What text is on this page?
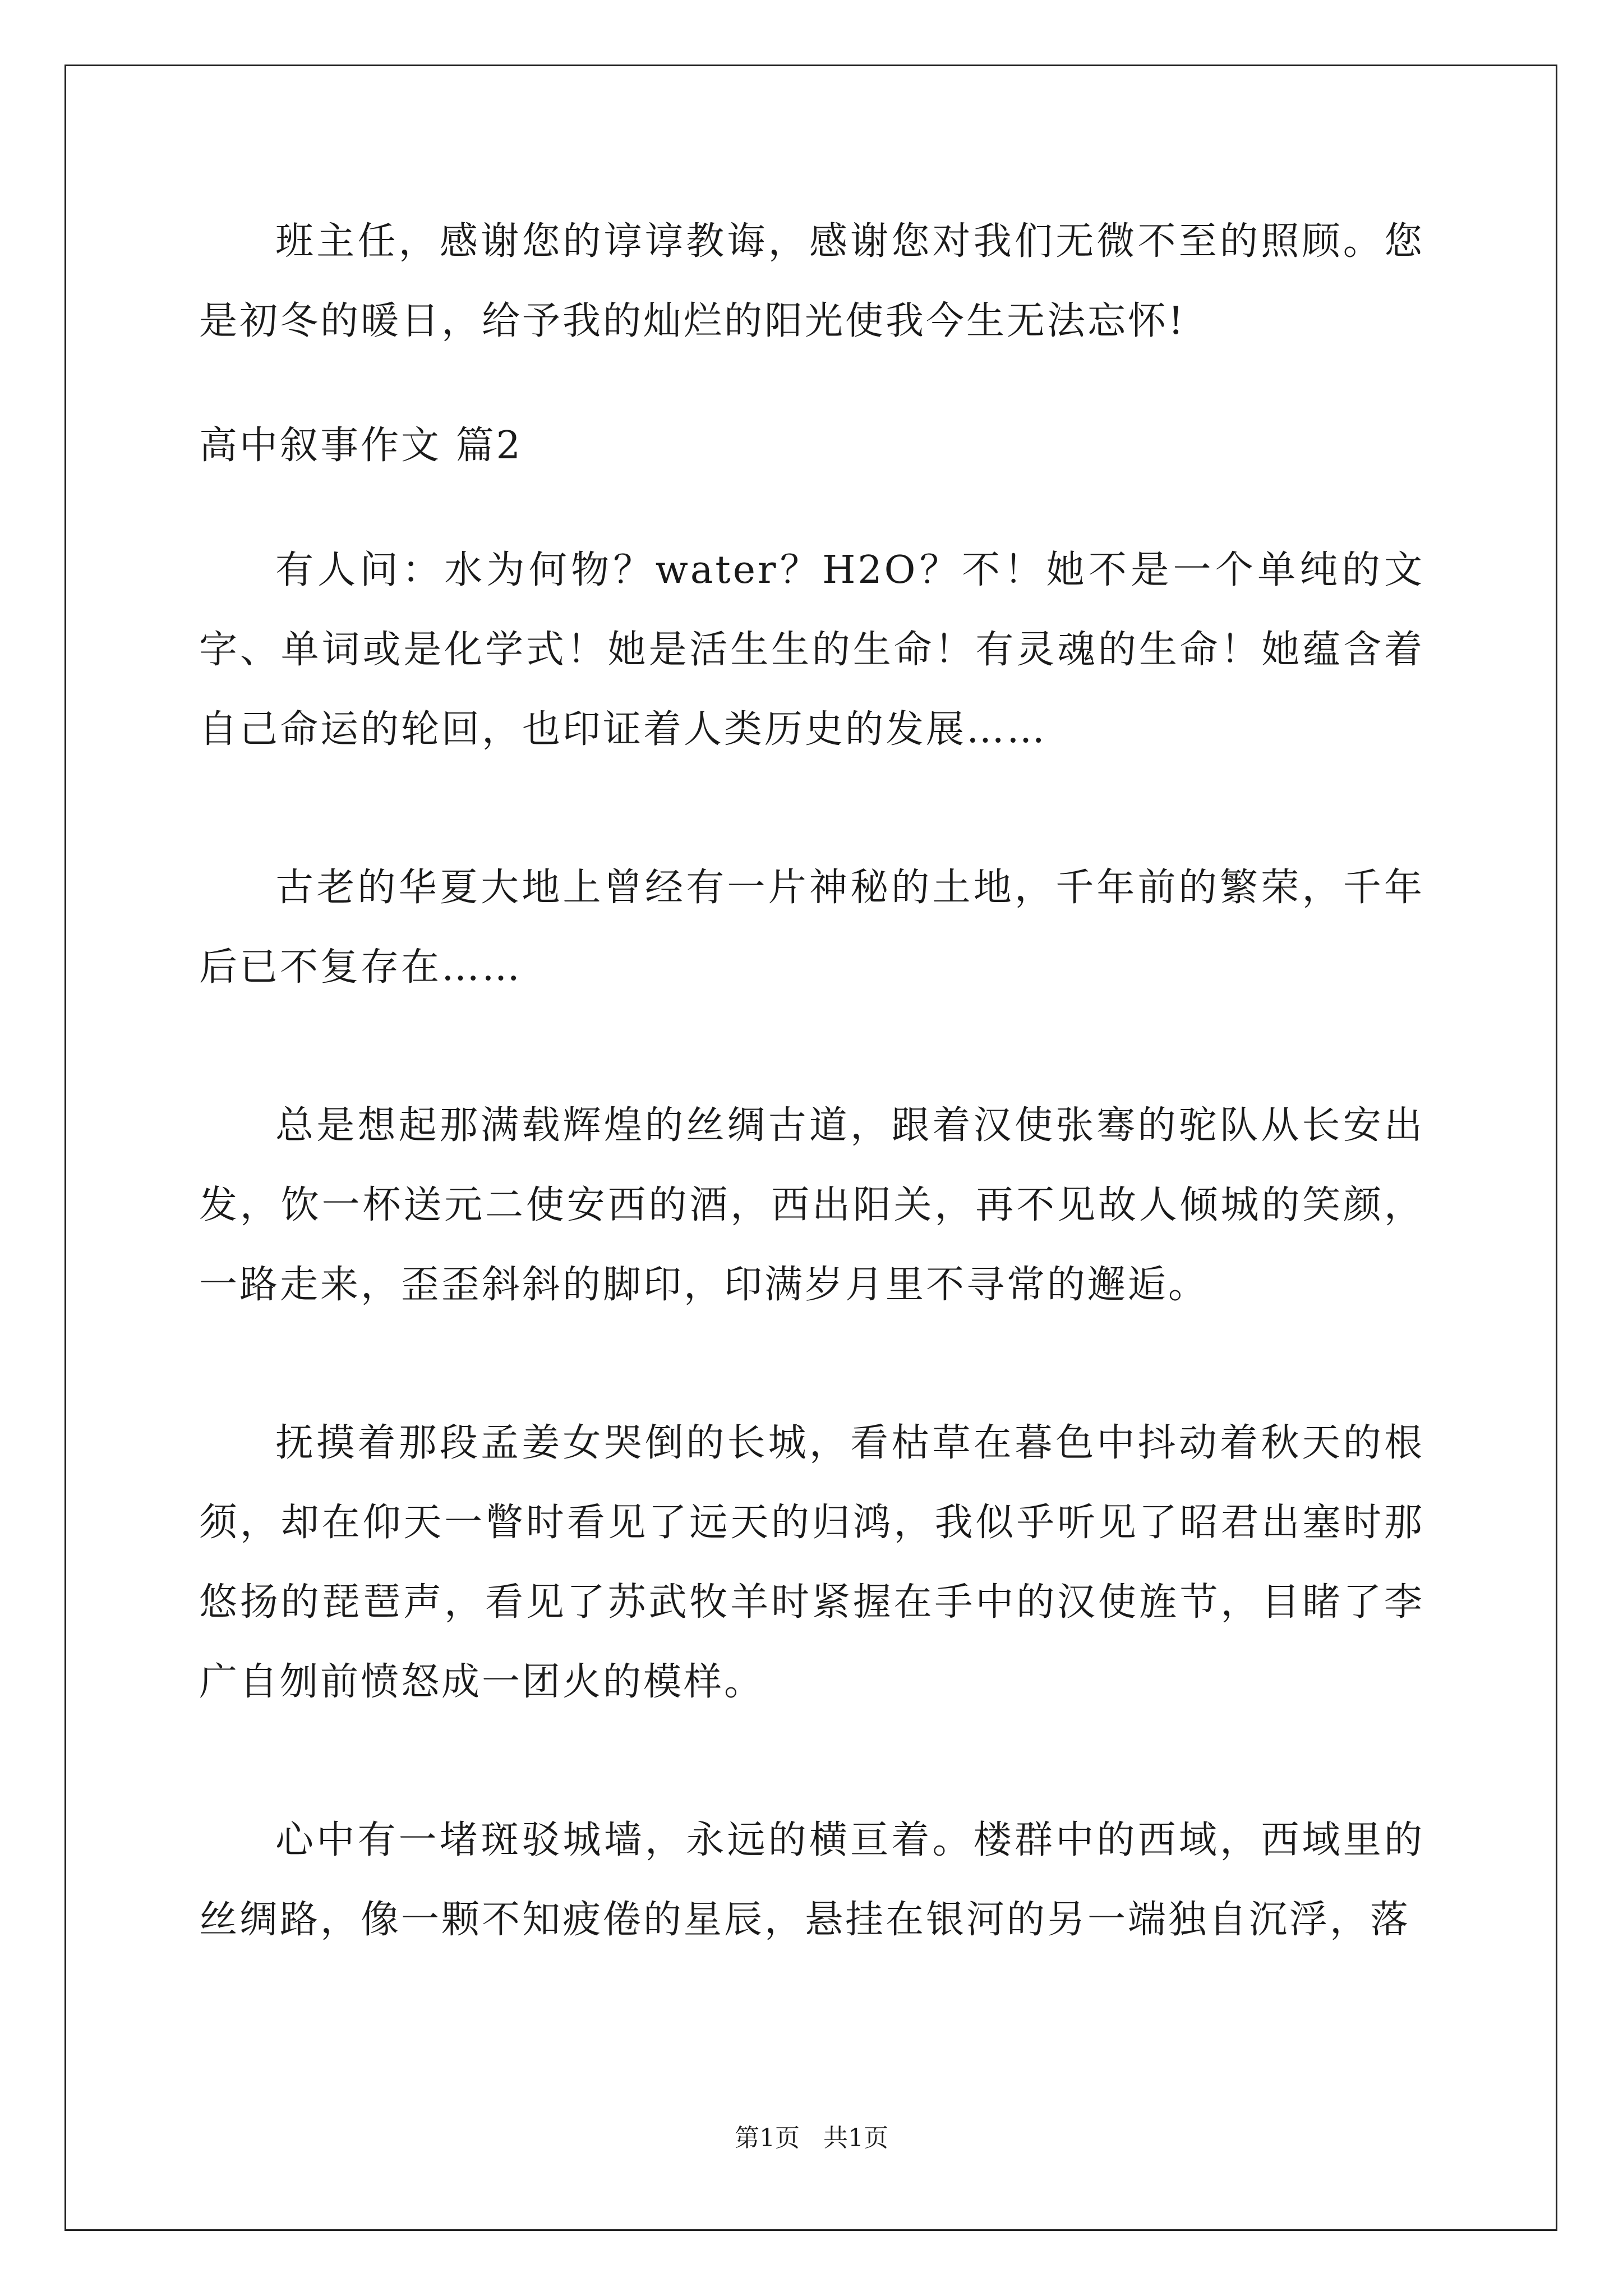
班主任，感谢您的谆谆教诲，感谢您对我们无微不至的照顾。您是初冬的暖日，给予我的灿烂的阳光使我今生无法忘怀!

高中叙事作文 篇2

有人问：水为何物？water？H2O？不！她不是一个单纯的文字、单词或是化学式！她是活生生的生命！有灵魂的生命！她蕴含着自己命运的轮回，也印证着人类历史的发展……

古老的华夏大地上曾经有一片神秘的土地，千年前的繁荣，千年后已不复存在……

总是想起那满载辉煌的丝绸古道，跟着汉使张骞的驼队从长安出发，饮一杯送元二使安西的酒，西出阳关，再不见故人倾城的笑颜，一路走来，歪歪斜斜的脚印，印满岁月里不寻常的邂逅。

抚摸着那段孟姜女哭倒的长城，看枯草在暮色中抖动着秋天的根须，却在仰天一瞥时看见了远天的归鸿，我似乎听见了昭君出塞时那悠扬的琵琶声，看见了苏武牧羊时紧握在手中的汉使旌节，目睹了李广自刎前愤怒成一团火的模样。

心中有一堵斑驳城墙，永远的横亘着。楼群中的西域，西域里的丝绸路，像一颗不知疲倦的星辰，悬挂在银河的另一端独自沉浮，落

第1页 共1页
